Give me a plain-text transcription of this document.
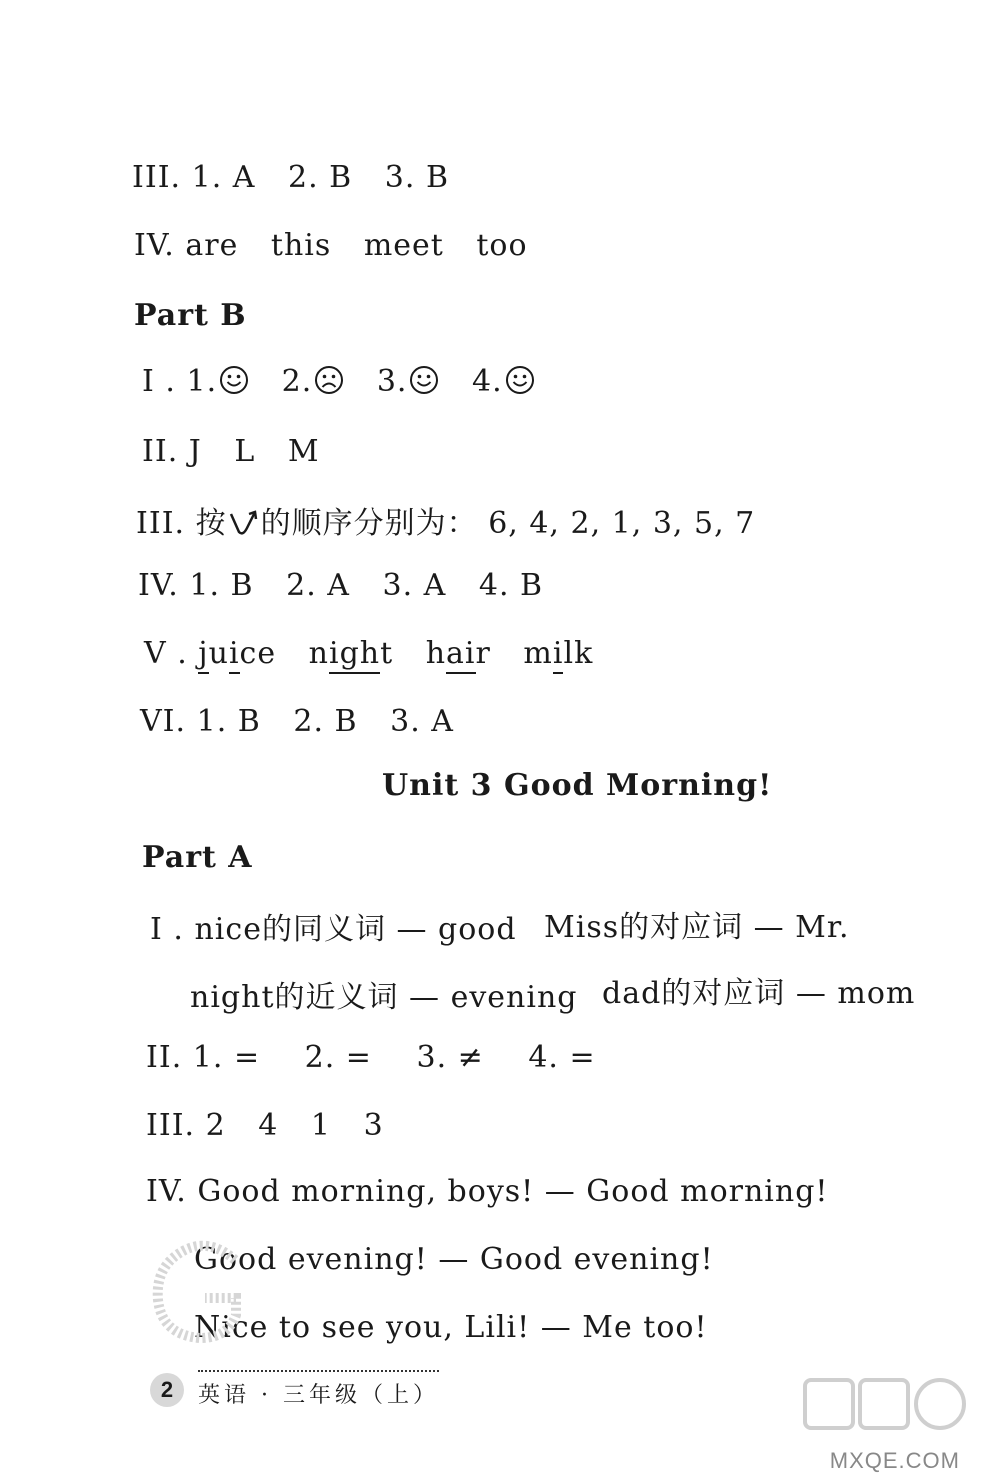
III. 1. A 2. B 3. B
IV. are this meet too
Part B
I . 1. 2. 3. 4.
II. J L M
III. 按 的顺序分别为： 6, 4, 2, 1, 3, 5, 7
IV. 1. B 2. A 3. A 4. B
V . juice night hair milk
VI. 1. B 2. B 3. A
Unit 3 Good Morning!
Part A
I . nice的同义词 — good Miss的对应词 — Mr.
night的近义词 — evening dad的对应词 — mom
II. 1. = 2. = 3. ≠ 4. =
III. 2 4 1 3
IV. Good morning, boys! — Good morning!
Good evening! — Good evening!
Nice to see you, Lili! — Me too!
2	英语 · 三年级（上）
MXQE.COM
